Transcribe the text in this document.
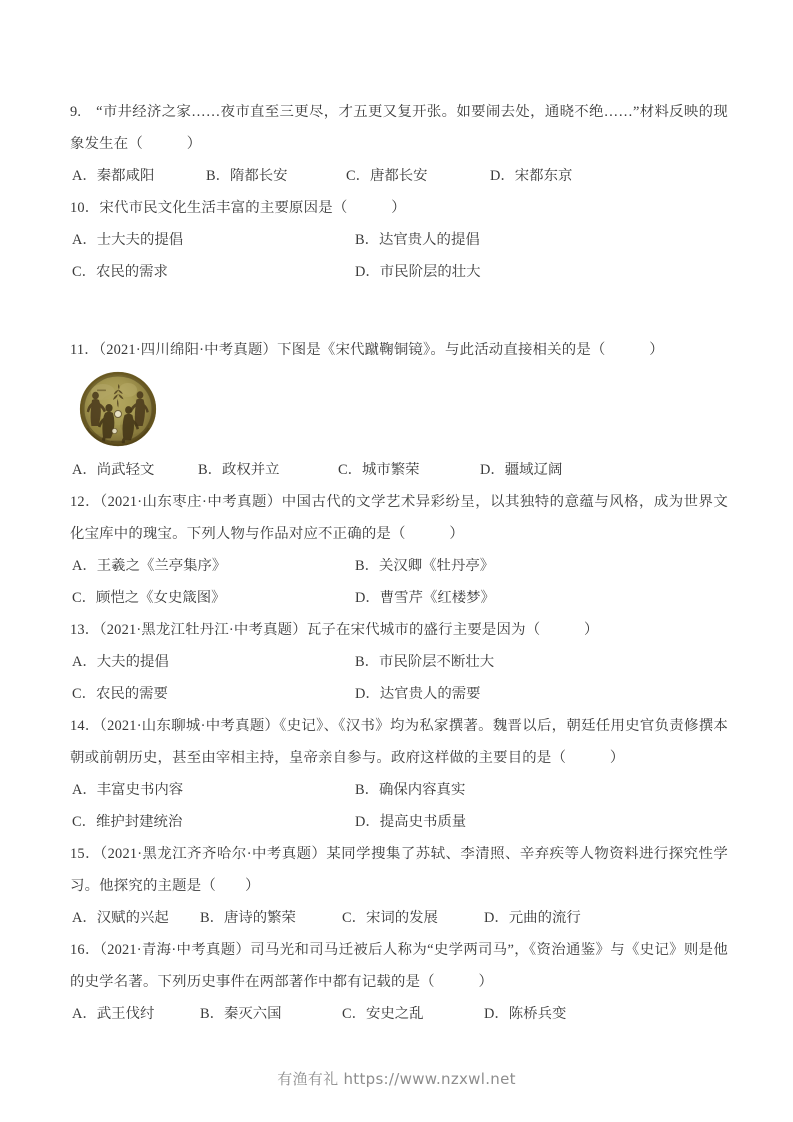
9.　“市井经济之家……夜市直至三更尽，才五更又复开张。如要闹去处，通晓不绝……”材料反映的现象发生在（　　　）
A．秦都咸阳	B．隋都长安	C．唐都长安	D．宋都东京
10．宋代市民文化生活丰富的主要原因是（　　　）
A．士大夫的提倡	B．达官贵人的提倡
C．农民的需求	D．市民阶层的壮大
11．（2021·四川绵阳·中考真题）下图是《宋代蹴鞠铜镜》。与此活动直接相关的是（　　　）
A．尚武轻文	B．政权并立	C．城市繁荣	D．疆域辽阔
12．（2021·山东枣庄·中考真题）中国古代的文学艺术异彩纷呈，以其独特的意蕴与风格，成为世界文化宝库中的瑰宝。下列人物与作品对应不正确的是（　　　）
A．王羲之《兰亭集序》	B．关汉卿《牡丹亭》
C．顾恺之《女史箴图》	D．曹雪芹《红楼梦》
13．（2021·黑龙江牡丹江·中考真题）瓦子在宋代城市的盛行主要是因为（　　　）
A．大夫的提倡	B．市民阶层不断壮大
C．农民的需要	D．达官贵人的需要
14．（2021·山东聊城·中考真题）《史记》、《汉书》均为私家撰著。魏晋以后，朝廷任用史官负责修撰本朝或前朝历史，甚至由宰相主持，皇帝亲自参与。政府这样做的主要目的是（　　　）
A．丰富史书内容	B．确保内容真实
C．维护封建统治	D．提高史书质量
15．（2021·黑龙江齐齐哈尔·中考真题）某同学搜集了苏轼、李清照、辛弃疾等人物资料进行探究性学习。他探究的主题是（　　）
A．汉赋的兴起 B．唐诗的繁荣	C．宋词的发展	D．元曲的流行
16．（2021·青海·中考真题）司马光和司马迁被后人称为“史学两司马”，《资治通鉴》与《史记》则是他的史学名著。下列历史事件在两部著作中都有记载的是（　　　）
A．武王伐纣	B．秦灭六国	C．安史之乱	D．陈桥兵变
有渔有礼 https://www.nzxwl.net
